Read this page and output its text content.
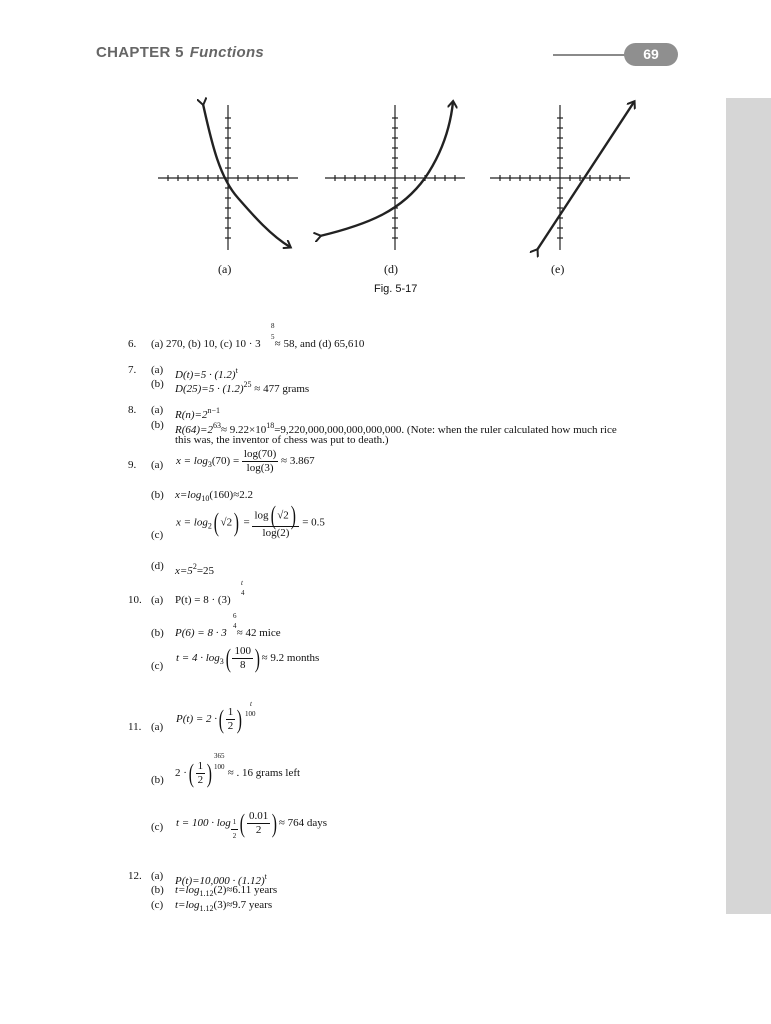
CHAPTER 5 Functions	69
(a)	(d)	(e)
Fig. 5-17
6.
8
5
(a) 270, (b) 10, (c) 10 · 3 ≈ 58, and (d) 65,610
7. (a) $D(t)=5 \cdot (1.2)^t$
(b) $D(25)=5 \cdot (1.2)^{25} \approx 477$ grams
8. (a) $R(n)=2^{n-1}$
(b) $R(64)=2^{63}\approx 9.22\times 10^{18}=9,220,000,000,000,000,000$. (Note: when the ruler calculated how much rice
this was, the inventor of chess was put to death.)
9. (a) $x = \log_3(70) = \frac{\log(70)}{\log(3)} \approx 3.867$
(b) $x=\log_{10}(160)\approx 2.2$
(c)
$x = \log_2$( $√2) = \frac{\log( √2)}{\log(2)} = 0.5$
(d) $x=5^2=25$
10. (a)
t
4
P(t) = 8 · (3)
(b)
6
4
P(6) = 8 · 3 ≈ 42 mice
(c)
$t = 4 \cdot \log_3( \frac{100}{8}$ ) ≈ 9.2 months
11. (a)
t
100
P(t) = 2 ·( $\frac{1}{2}$ )
(b)
365
100
2 ·( $\frac{1}{2}$ ) ≈ . 16 grams left
(c) $t = 100 \cdot \log \frac{1}{2}$ ( $\frac{0.01}{2}$ ) ≈ 764 days
12. (a) $P(t)=10,000 \cdot (1.12)^t$
(b) $t=\log_{1.12}(2)\approx 6.11$ years
(c) $t=\log_{1.12}(3)\approx 9.7$ years
